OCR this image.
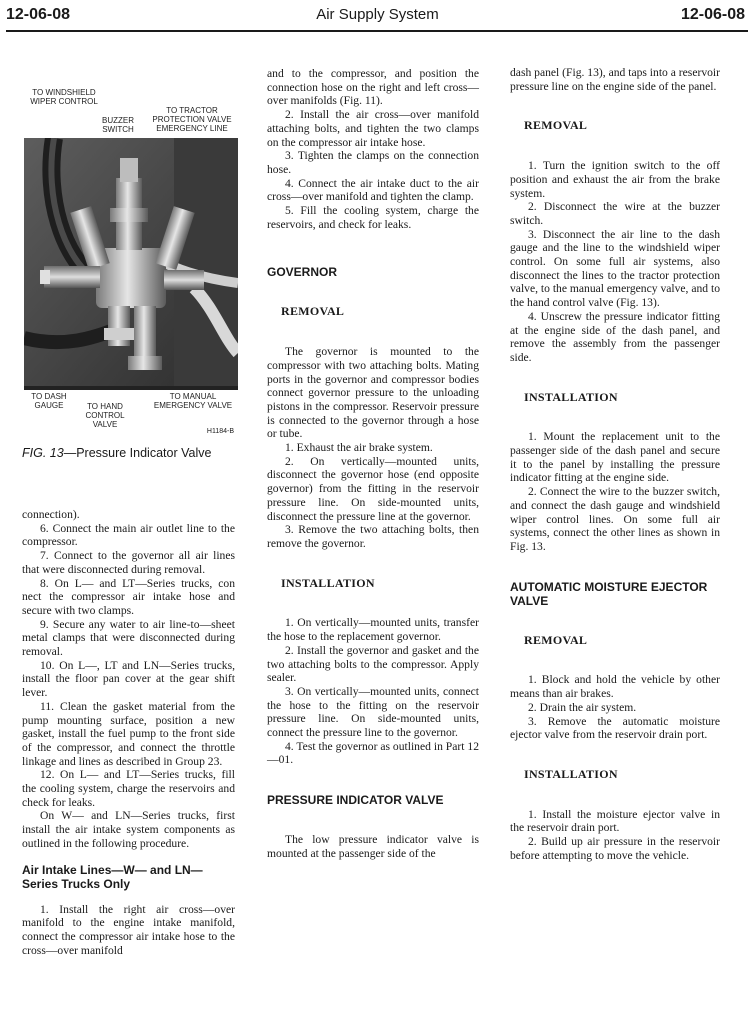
12-06-08	Air Supply System	12-06-08
TO WINDSHIELD WIPER CONTROL
BUZZER SWITCH
TO TRACTOR PROTECTION VALVE EMERGENCY LINE
TO DASH GAUGE	TO HAND CONTROL VALVE
TO MANUAL EMERGENCY VALVE
H1184-B
FIG. 13—Pressure Indicator Valve

connection).

6. Connect the main air outlet line to the compressor.

7. Connect to the governor all air lines that were disconnected during removal.

8. On L— and LT—Series trucks, con nect the compressor air intake hose and secure with two clamps.

9. Secure any water to air line-to—sheet metal clamps that were disconnected during removal.

10. On L—, LT and LN—Series trucks, install the floor pan cover at the gear shift lever.

11. Clean the gasket material from the pump mounting surface, position a new gasket, install the fuel pump to the front side of the compressor, and connect the throttle linkage and lines as described in Group 23.

12. On L— and LT—Series trucks, fill the cooling system, charge the reservoirs and check for leaks.

On W— and LN—Series trucks, first install the air intake system components as outlined in the following procedure.

Air Intake Lines—W— and LN—Series Trucks Only

1. Install the right air cross—over manifold to the engine intake manifold, connect the compressor air intake hose to the cross—over manifold

and to the compressor, and position the connection hose on the right and left cross—over manifolds (Fig. 11).

2. Install the air cross—over manifold attaching bolts, and tighten the two clamps on the compressor air intake hose.

3. Tighten the clamps on the connection hose.

4. Connect the air intake duct to the air cross—over manifold and tighten the clamp.

5. Fill the cooling system, charge the reservoirs, and check for leaks.

GOVERNOR

REMOVAL

The governor is mounted to the compressor with two attaching bolts. Mating ports in the governor and compressor bodies connect governor pressure to the unloading pistons in the compressor. Reservoir pressure is connected to the governor through a hose or tube.

1. Exhaust the air brake system.

2. On vertically—mounted units, disconnect the governor hose (end opposite governor) from the fitting in the reservoir pressure line. On side-mounted units, disconnect the pressure line at the governor.

3. Remove the two attaching bolts, then remove the governor.

INSTALLATION

1. On vertically—mounted units, transfer the hose to the replacement governor.

2. Install the governor and gasket and the two attaching bolts to the compressor. Apply sealer.

3. On vertically—mounted units, connect the hose to the fitting on the reservoir pressure line. On side-mounted units, connect the pressure line to the governor.

4. Test the governor as outlined in Part 12—01.

PRESSURE INDICATOR VALVE

The low pressure indicator valve is mounted at the passenger side of the

dash panel (Fig. 13), and taps into a reservoir pressure line on the engine side of the panel.

REMOVAL

1. Turn the ignition switch to the off position and exhaust the air from the brake system.

2. Disconnect the wire at the buzzer switch.

3. Disconnect the air line to the dash gauge and the line to the windshield wiper control. On some full air systems, also disconnect the lines to the tractor protection valve, to the manual emergency valve, and to the hand control valve (Fig. 13).

4. Unscrew the pressure indicator fitting at the engine side of the dash panel, and remove the assembly from the passenger side.

INSTALLATION

1. Mount the replacement unit to the passenger side of the dash panel and secure it to the panel by installing the pressure indicator fitting at the engine side.

2. Connect the wire to the buzzer switch, and connect the dash gauge and windshield wiper control lines. On some full air systems, connect the other lines as shown in Fig. 13.

AUTOMATIC MOISTURE EJECTOR VALVE

REMOVAL

1. Block and hold the vehicle by other means than air brakes.

2. Drain the air system.

3. Remove the automatic moisture ejector valve from the reservoir drain port.

INSTALLATION

1. Install the moisture ejector valve in the reservoir drain port.

2. Build up air pressure in the reservoir before attempting to move the vehicle.
